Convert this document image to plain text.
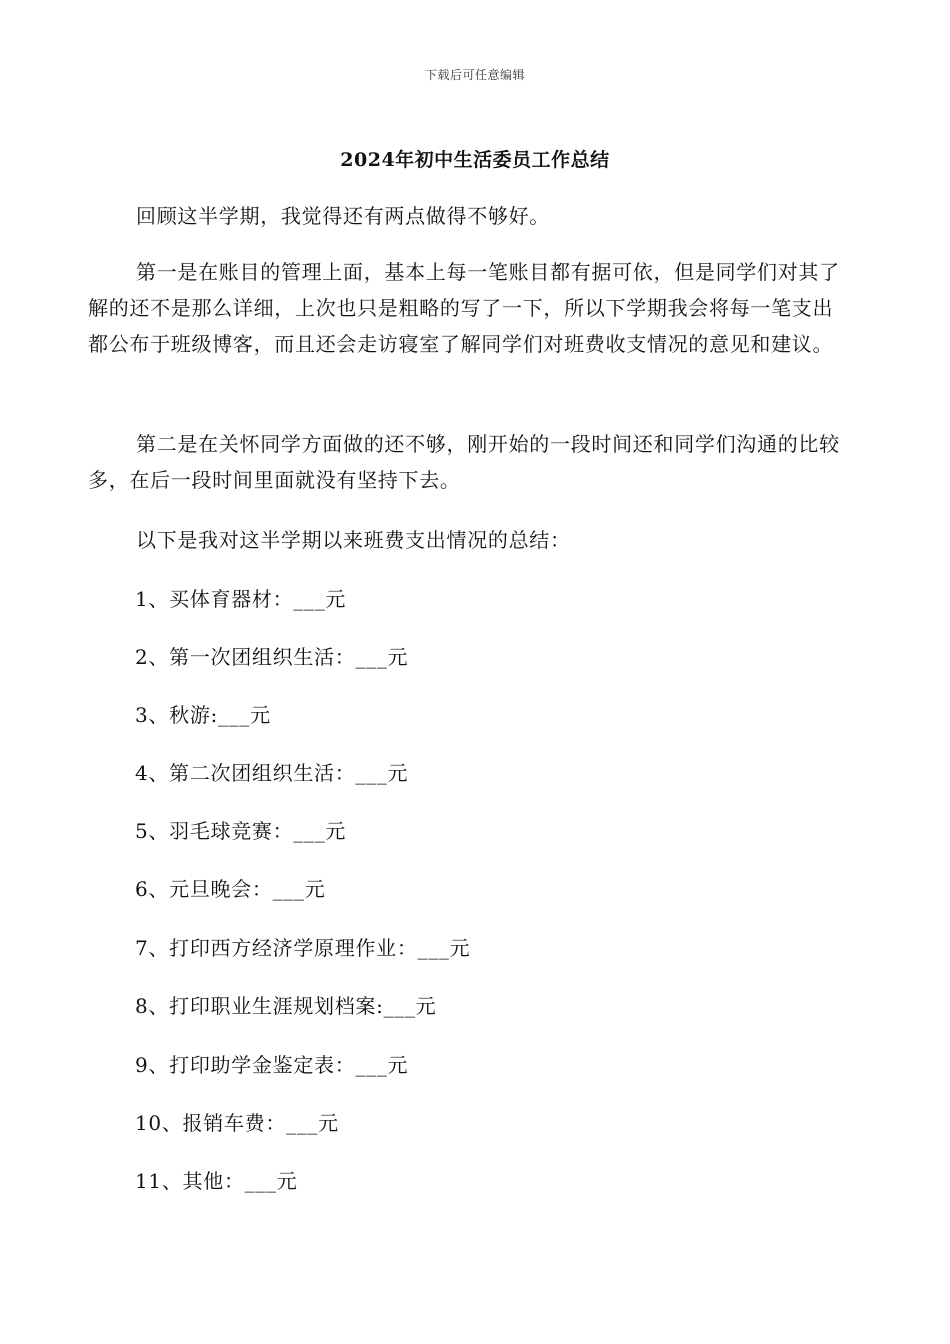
下载后可任意编辑
2024年初中生活委员工作总结
回顾这半学期，我觉得还有两点做得不够好。
第一是在账目的管理上面，基本上每一笔账目都有据可依，但是同学们对其了解的还不是那么详细，上次也只是粗略的写了一下，所以下学期我会将每一笔支出都公布于班级博客，而且还会走访寝室了解同学们对班费收支情况的意见和建议。
第二是在关怀同学方面做的还不够，刚开始的一段时间还和同学们沟通的比较多，在后一段时间里面就没有坚持下去。
以下是我对这半学期以来班费支出情况的总结：
1、买体育器材：___元
2、第一次团组织生活：___元
3、秋游:___元
4、第二次团组织生活：___元
5、羽毛球竞赛：___元
6、元旦晚会：___元
7、打印西方经济学原理作业：___元
8、打印职业生涯规划档案:___元
9、打印助学金鉴定表：___元
10、报销车费：___元
11、其他：___元
